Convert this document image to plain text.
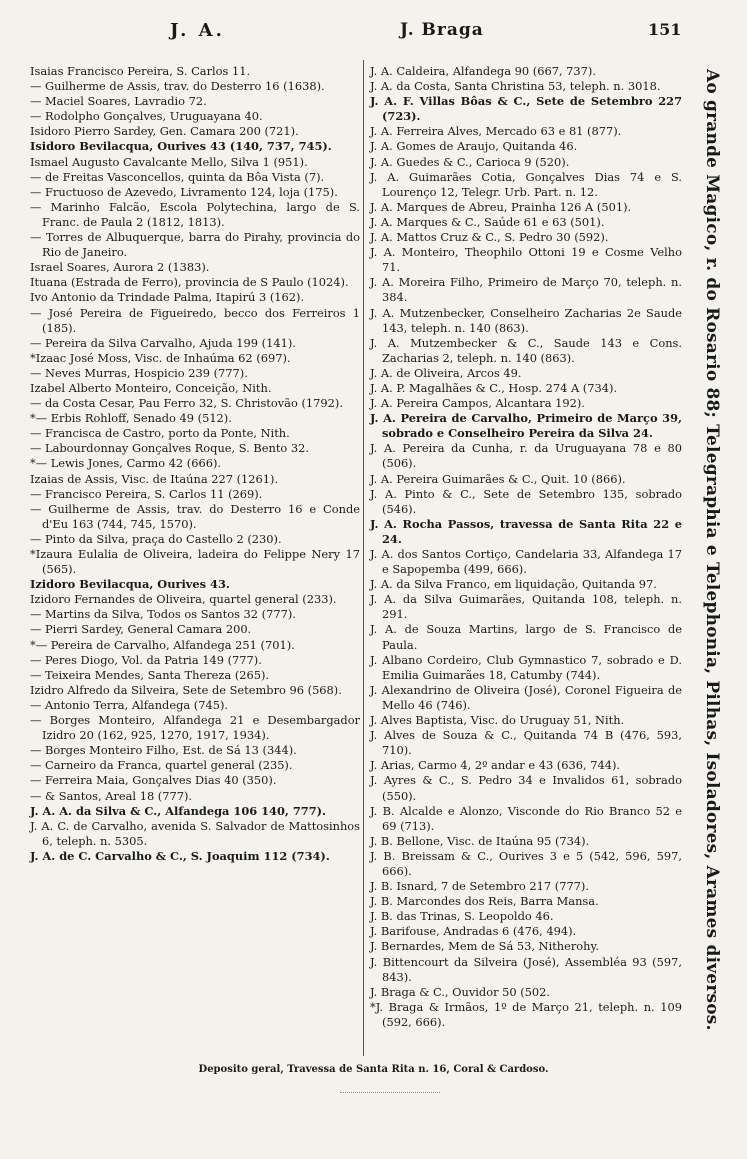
J. A.	J. Braga	151

Isaias Francisco Pereira, S. Carlos 11.

— Guilherme de Assis, trav. do Desterro 16 (1638).

— Maciel Soares, Lavradio 72.

— Rodolpho Gonçalves, Uruguayana 40.

Isidoro Pierro Sardey, Gen. Camara 200 (721).

Isidoro Bevilacqua, Ourives 43 (140, 737, 745).

Ismael Augusto Cavalcante Mello, Silva 1 (951).

— de Freitas Vasconcellos, quinta da Bôa Vista (7).

— Fructuoso de Azevedo, Livramento 124, loja (175).

— Marinho Falcão, Escola Polytechina, largo de S. Franc. de Paula 2 (1812, 1813).

— Torres de Albuquerque, barra do Pirahy, provincia do Rio de Janeiro.

Israel Soares, Aurora 2 (1383).

Ituana (Estrada de Ferro), provincia de S Paulo (1024).

Ivo Antonio da Trindade Palma, Itapirú 3 (162).

— José Pereira de Figueiredo, becco dos Ferreiros 1 (185).

— Pereira da Silva Carvalho, Ajuda 199 (141).

*Izaac José Moss, Visc. de Inhaúma 62 (697).

— Neves Murras, Hospicio 239 (777).

Izabel Alberto Monteiro, Conceição, Nith.

— da Costa Cesar, Pau Ferro 32, S. Christovão (1792).

*— Erbis Rohloff, Senado 49 (512).

— Francisca de Castro, porto da Ponte, Nith.

— Labourdonnay Gonçalves Roque, S. Bento 32.

*— Lewis Jones, Carmo 42 (666).

Izaias de Assis, Visc. de Itaúna 227 (1261).

— Francisco Pereira, S. Carlos 11 (269).

— Guilherme de Assis, trav. do Desterro 16 e Conde d'Eu 163 (744, 745, 1570).

— Pinto da Silva, praça do Castello 2 (230).

*Izaura Eulalia de Oliveira, ladeira do Felippe Nery 17 (565).

Izidoro Bevilacqua, Ourives 43.

Izidoro Fernandes de Oliveira, quartel general (233).

— Martins da Silva, Todos os Santos 32 (777).

— Pierri Sardey, General Camara 200.

*— Pereira de Carvalho, Alfandega 251 (701).

— Peres Diogo, Vol. da Patria 149 (777).

— Teixeira Mendes, Santa Thereza (265).

Izidro Alfredo da Silveira, Sete de Setembro 96 (568).

— Antonio Terra, Alfandega (745).

— Borges Monteiro, Alfandega 21 e Desembargador Izidro 20 (162, 925, 1270, 1917, 1934).

— Borges Monteiro Filho, Est. de Sá 13 (344).

— Carneiro da Franca, quartel general (235).

— Ferreira Maia, Gonçalves Dias 40 (350).

— & Santos, Areal 18 (777).

J. A. A. da Silva & C., Alfandega 106 140, 777).

J. A. C. de Carvalho, avenida S. Salvador de Mattosinhos 6, teleph. n. 5305.

J. A. de C. Carvalho & C., S. Joaquim 112 (734).

J. A. Caldeira, Alfandega 90 (667, 737).

J. A. da Costa, Santa Christina 53, teleph. n. 3018.

J. A. F. Villas Bôas & C., Sete de Setembro 227 (723).

J. A. Ferreira Alves, Mercado 63 e 81 (877).

J. A. Gomes de Araujo, Quitanda 46.

J. A. Guedes & C., Carioca 9 (520).

J. A. Guimarães Cotia, Gonçalves Dias 74 e S. Lourenço 12, Telegr. Urb. Part. n. 12.

J. A. Marques de Abreu, Prainha 126 A (501).

J. A. Marques & C., Saúde 61 e 63 (501).

J. A. Mattos Cruz & C., S. Pedro 30 (592).

J. A. Monteiro, Theophilo Ottoni 19 e Cosme Velho 71.

J. A. Moreira Filho, Primeiro de Março 70, teleph. n. 384.

J. A. Mutzenbecker, Conselheiro Zacharias 2e Saude 143, teleph. n. 140 (863).

J. A. Mutzembecker & C., Saude 143 e Cons. Zacharias 2, teleph. n. 140 (863).

J. A. de Oliveira, Arcos 49.

J. A. P. Magalhães & C., Hosp. 274 A (734).

J. A. Pereira Campos, Alcantara 192).

J. A. Pereira de Carvalho, Primeiro de Março 39, sobrado e Conselheiro Pereira da Silva 24.

J. A. Pereira da Cunha, r. da Uruguayana 78 e 80 (506).

J. A. Pereira Guimarães & C., Quit. 10 (866).

J. A. Pinto & C., Sete de Setembro 135, sobrado (546).

J. A. Rocha Passos, travessa de Santa Rita 22 e 24.

J. A. dos Santos Cortiço, Candelaria 33, Alfandega 17 e Sapopemba (499, 666).

J. A. da Silva Franco, em liquidação, Quitanda 97.

J. A. da Silva Guimarães, Quitanda 108, teleph. n. 291.

J. A. de Souza Martins, largo de S. Francisco de Paula.

J. Albano Cordeiro, Club Gymnastico 7, sobrado e D. Emilia Guimarães 18, Catumby (744).

J. Alexandrino de Oliveira (José), Coronel Figueira de Mello 46 (746).

J. Alves Baptista, Visc. do Uruguay 51, Nith.

J. Alves de Souza & C., Quitanda 74 B (476, 593, 710).

J. Arias, Carmo 4, 2º andar e 43 (636, 744).

J. Ayres & C., S. Pedro 34 e Invalidos 61, sobrado (550).

J. B. Alcalde e Alonzo, Visconde do Rio Branco 52 e 69 (713).

J. B. Bellone, Visc. de Itaúna 95 (734).

J. B. Breissam & C., Ourives 3 e 5 (542, 596, 597, 666).

J. B. Isnard, 7 de Setembro 217 (777).

J. B. Marcondes dos Reis, Barra Mansa.

J. B. das Trinas, S. Leopoldo 46.

J. Barifouse, Andradas 6 (476, 494).

J. Bernardes, Mem de Sá 53, Nitherohy.

J. Bittencourt da Silveira (José), Assembléa 93 (597, 843).

J. Braga & C., Ouvidor 50 (502.

*J. Braga & Irmãos, 1º de Março 21, teleph. n. 109 (592, 666).	Ao grande Magico, r. do Rosario 88; Telegraphia e Telephonia, Pilhas, Isoladores, Arames diversos.
Deposito geral, Travessa de Santa Rita n. 16, Coral & Cardoso.
